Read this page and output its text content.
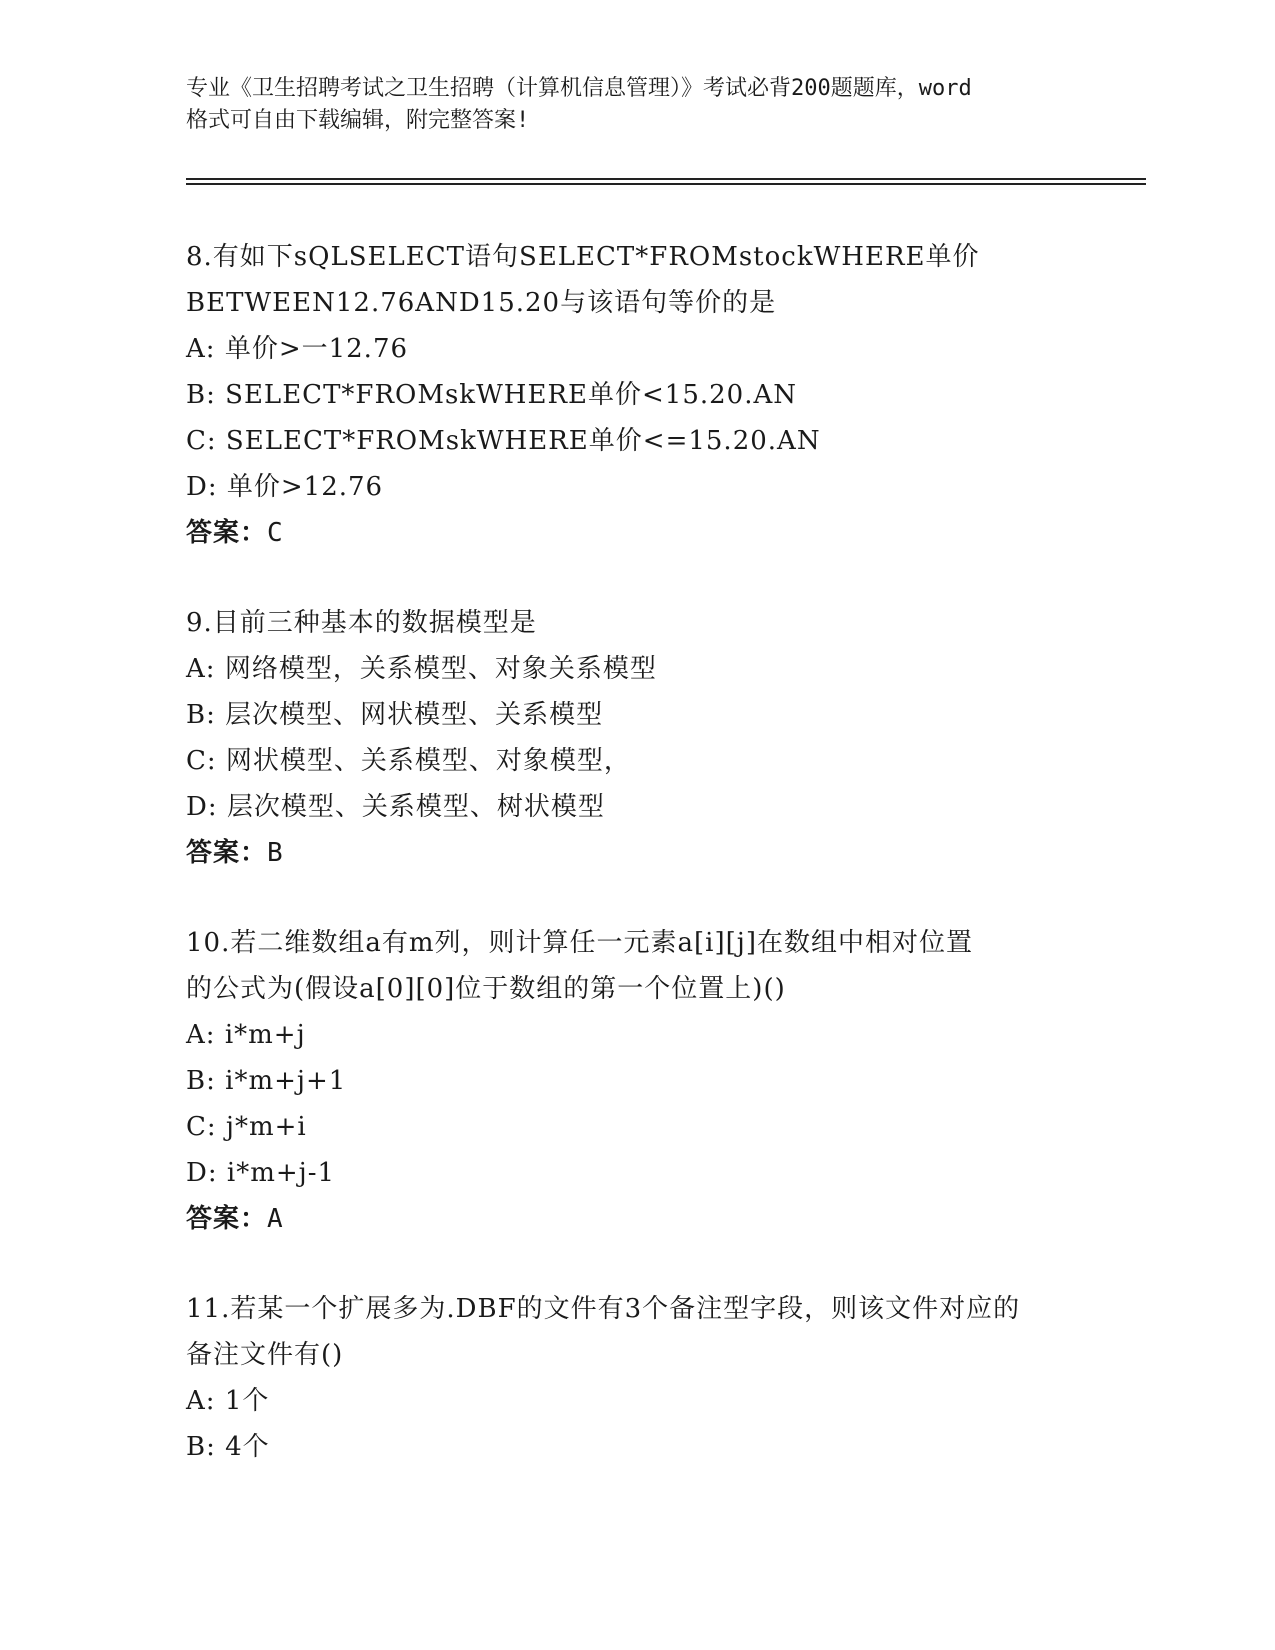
专业《卫生招聘考试之卫生招聘（计算机信息管理）》考试必背200题题库，word
格式可自由下载编辑，附完整答案!
8.有如下sQLSELECT语句SELECT*FROMstockWHERE单价
BETWEEN12.76AND15.20与该语句等价的是
A: 单价>一12.76
B: SELECT*FROMskWHERE单价<15.20.AN
C: SELECT*FROMskWHERE单价<=15.20.AN
D: 单价>12.76
答案：C
9.目前三种基本的数据模型是
A: 网络模型，关系模型、对象关系模型
B: 层次模型、网状模型、关系模型
C: 网状模型、关系模型、对象模型，
D: 层次模型、关系模型、树状模型
答案：B
10.若二维数组a有m列，则计算任一元素a[i][j]在数组中相对位置
的公式为(假设a[0][0]位于数组的第一个位置上)()
A: i*m+j
B: i*m+j+1
C: j*m+i
D: i*m+j-1
答案：A
11.若某一个扩展多为.DBF的文件有3个备注型字段，则该文件对应的
备注文件有()
A: 1个
B: 4个
